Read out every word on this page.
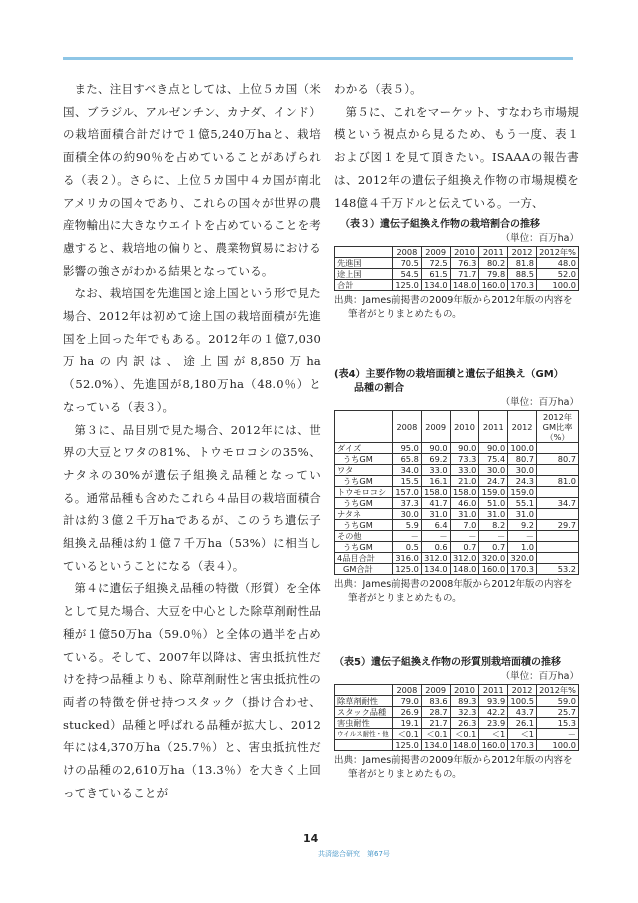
また、注目すべき点としては、上位５カ国（米国、ブラジル、アルゼンチン、カナダ、インド）の栽培面積合計だけで１億5,240万haと、栽培面積全体の約90％を占めていることがあげられる（表２）。さらに、上位５カ国中４カ国が南北アメリカの国々であり、これらの国々が世界の農産物輸出に大きなウエイトを占めていることを考慮すると、栽培地の偏りと、農業物貿易における影響の強さがわかる結果となっている。

なお、栽培国を先進国と途上国という形で見た場合、2012年は初めて途上国の栽培面積が先進国を上回った年でもある。2012年の１億7,030万haの内訳は、途上国が8,850万ha（52.0%）、先進国が8,180万ha（48.0％）となっている（表３）。

第３に、品目別で見た場合、2012年には、世界の大豆とワタの81%、トウモロコシの35%、ナタネの30%が遺伝子組換え品種となっている。通常品種も含めたこれら４品目の栽培面積合計は約３億２千万haであるが、このうち遺伝子組換え品種は約１億７千万ha（53%）に相当しているということになる（表４）。

第４に遺伝子組換え品種の特徴（形質）を全体として見た場合、大豆を中心とした除草剤耐性品種が１億50万ha（59.0％）と全体の過半を占めている。そして、2007年以降は、害虫抵抗性だけを持つ品種よりも、除草剤耐性と害虫抵抗性の両者の特徴を併せ持つスタック（掛け合わせ、stucked）品種と呼ばれる品種が拡大し、2012年には4,370万ha（25.7％）と、害虫抵抗性だけの品種の2,610万ha（13.3％）を大きく上回ってきていることが

わかる（表５）。

第５に、これをマーケット、すなわち市場規模という視点から見るため、もう一度、表１および図１を見て頂きたい。ISAAAの報告書は、2012年の遺伝子組換え作物の市場規模を148億４千万ドルと伝えている。一方、

（表３）遺伝子組換え作物の栽培割合の推移
（単位：百万ha）
	2008	2009	2010	2011	2012	2012年%
先進国	70.5	72.5	76.3	80.2	81.8	48.0
途上国	54.5	61.5	71.7	79.8	88.5	52.0
合計	125.0	134.0	148.0	160.0	170.3	100.0
出典：James前掲書の2009年版から2012年版の内容を
筆者がとりまとめたもの。
(表4）主要作物の栽培面積と遺伝子組換え（GM）
品種の割合
（単位：百万ha）
	2008	2009	2010	2011	2012	2012年GM比率（%）
ダイズ	95.0	90.0	90.0	90.0	100.0	
うちGM	65.8	69.2	73.3	75.4	80.7	80.7
ワタ	34.0	33.0	33.0	30.0	30.0	
うちGM	15.5	16.1	21.0	24.7	24.3	81.0
トウモロコシ	157.0	158.0	158.0	159.0	159.0	
うちGM	37.3	41.7	46.0	51.0	55.1	34.7
ナタネ	30.0	31.0	31.0	31.0	31.0	
うちGM	5.9	6.4	7.0	8.2	9.2	29.7
その他	－	－	－	－	－	
うちGM	0.5	0.6	0.7	0.7	1.0	
4品目合計	316.0	312.0	312.0	320.0	320.0	
GM合計	125.0	134.0	148.0	160.0	170.3	53.2
出典：James前掲書の2008年版から2012年版の内容を
筆者がとりまとめたもの。
（表5）遺伝子組換え作物の形質別栽培面積の推移
（単位：百万ha）
	2008	2009	2010	2011	2012	2012年%
除草剤耐性	79.0	83.6	89.3	93.9	100.5	59.0
スタック品種	26.9	28.7	32.3	42.2	43.7	25.7
害虫耐性	19.1	21.7	26.3	23.9	26.1	15.3
ウイルス耐性・他	＜0.1	＜0.1	＜0.1	＜1	＜1	－
	125.0	134.0	148.0	160.0	170.3	100.0
出典：James前掲書の2009年版から2012年版の内容を
筆者がとりまとめたもの。
14
共済総合研究　第67号
